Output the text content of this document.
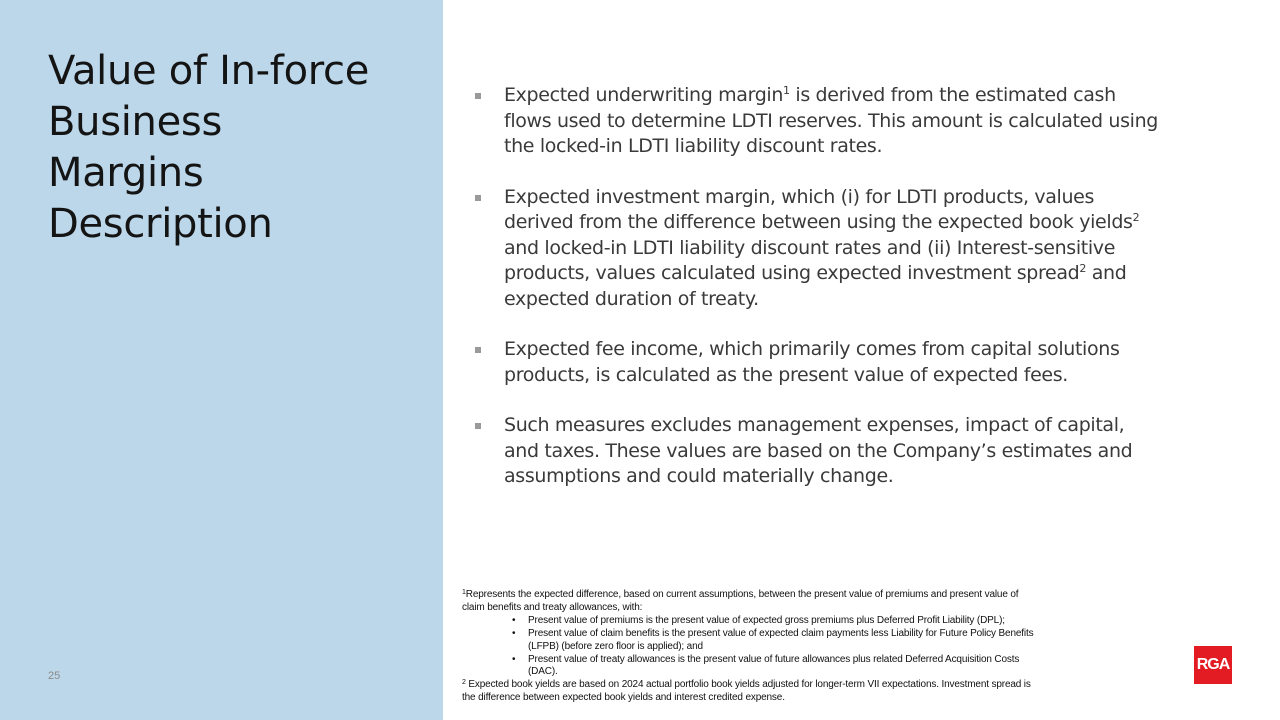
Value of In-force
Business
Margins
Description
25
Expected underwriting margin$^1$ is derived from the estimated cash
flows used to determine LDTI reserves. This amount is calculated using
the locked-in LDTI liability discount rates.
Expected investment margin, which (i) for LDTI products, values
derived from the difference between using the expected book yields$^2$
and locked-in LDTI liability discount rates and (ii) Interest-sensitive
products, values calculated using expected investment spread$^2$ and
expected duration of treaty.
Expected fee income, which primarily comes from capital solutions
products, is calculated as the present value of expected fees.
Such measures excludes management expenses, impact of capital,
and taxes. These values are based on the Company’s estimates and
assumptions and could materially change.
$^1$Represents the expected difference, based on current assumptions, between the present value of premiums and present value of
claim benefits and treaty allowances, with:
• Present value of premiums is the present value of expected gross premiums plus Deferred Profit Liability (DPL);
• Present value of claim benefits is the present value of expected claim payments less Liability for Future Policy Benefits
(LFPB) (before zero floor is applied); and
• Present value of treaty allowances is the present value of future allowances plus related Deferred Acquisition Costs
(DAC).
$^2$ Expected book yields are based on 2024 actual portfolio book yields adjusted for longer-term VII expectations. Investment spread is
the difference between expected book yields and interest credited expense.
RGA
